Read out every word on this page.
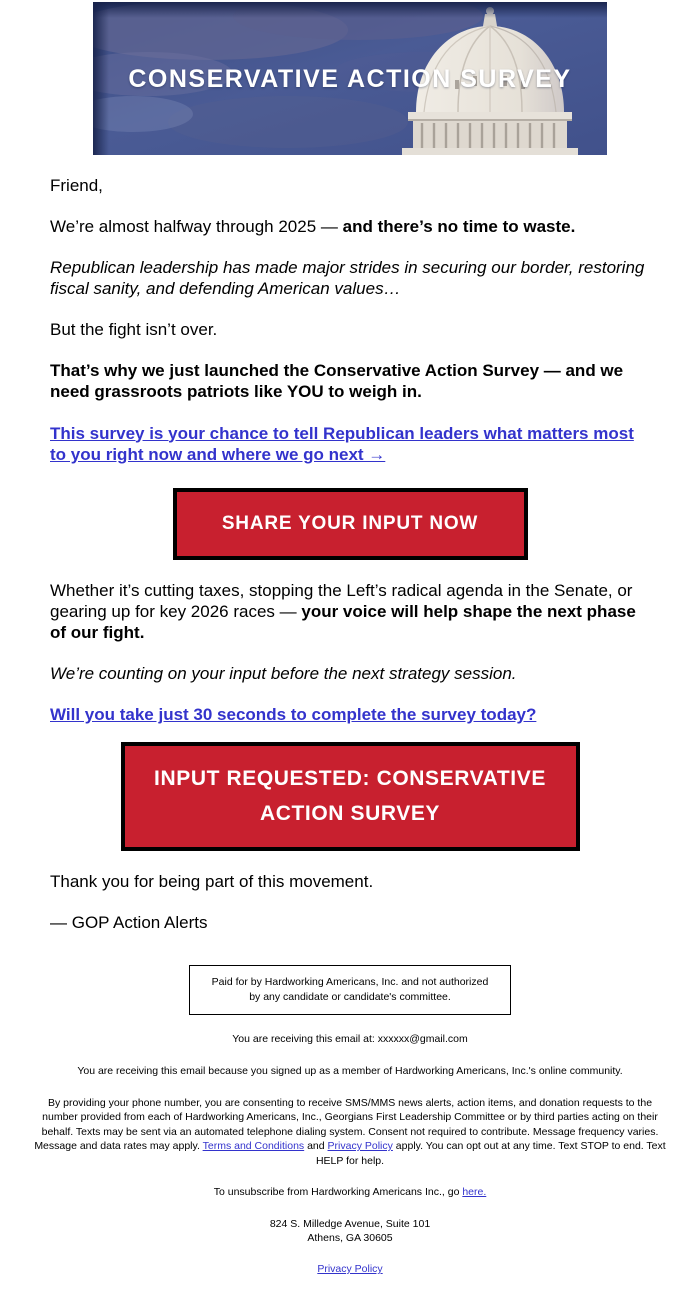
CONSERVATIVE ACTION SURVEY

Friend,

We’re almost halfway through 2025 — and there’s no time to waste.

Republican leadership has made major strides in securing our border, restoring fiscal sanity, and defending American values…

But the fight isn’t over.

That’s why we just launched the Conservative Action Survey — and we need grassroots patriots like YOU to weigh in.

This survey is your chance to tell Republican leaders what matters most to you right now and where we go next →

SHARE YOUR INPUT NOW

Whether it’s cutting taxes, stopping the Left’s radical agenda in the Senate, or gearing up for key 2026 races — your voice will help shape the next phase of our fight.

We’re counting on your input before the next strategy session.

Will you take just 30 seconds to complete the survey today?

INPUT REQUESTED: CONSERVATIVE ACTION SURVEY

Thank you for being part of this movement.

— GOP Action Alerts

Paid for by Hardworking Americans, Inc. and not authorized by any candidate or candidate's committee.
You are receiving this email at: xxxxxx@gmail.com
You are receiving this email because you signed up as a member of Hardworking Americans, Inc.'s online community.
By providing your phone number, you are consenting to receive SMS/MMS news alerts, action items, and donation requests to the number provided from each of Hardworking Americans, Inc., Georgians First Leadership Committee or by third parties acting on their behalf. Texts may be sent via an automated telephone dialing system. Consent not required to contribute. Message frequency varies. Message and data rates may apply. Terms and Conditions and Privacy Policy apply. You can opt out at any time. Text STOP to end. Text HELP for help.
To unsubscribe from Hardworking Americans Inc., go here.
824 S. Milledge Avenue, Suite 101
Athens, GA 30605
Privacy Policy
